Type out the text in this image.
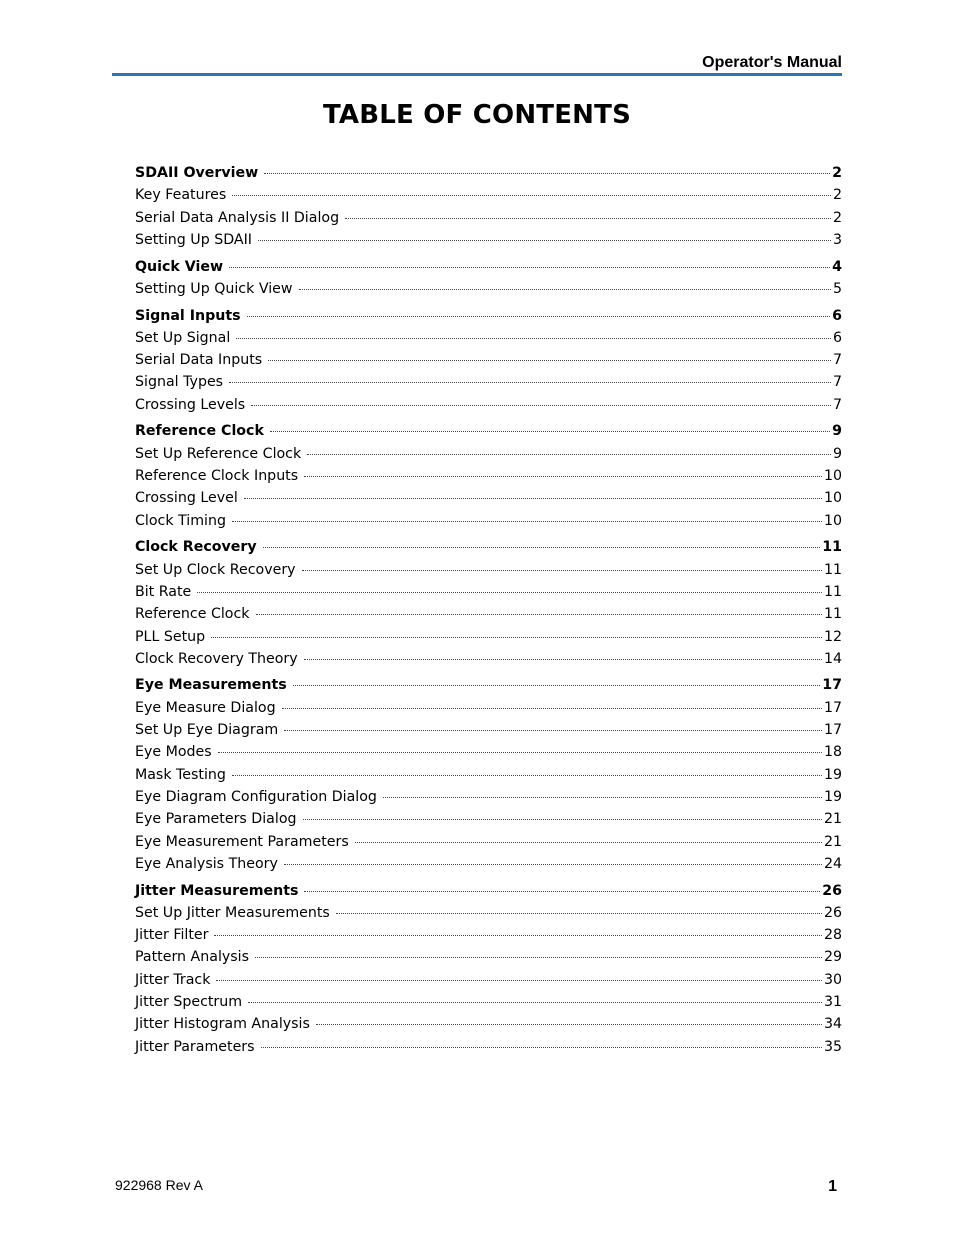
Operator's Manual
TABLE OF CONTENTS
SDAII Overview	2
Key Features	2
Serial Data Analysis II Dialog	2
Setting Up SDAII	3
Quick View	4
Setting Up Quick View	5
Signal Inputs	6
Set Up Signal	6
Serial Data Inputs	7
Signal Types	7
Crossing Levels	7
Reference Clock	9
Set Up Reference Clock	9
Reference Clock Inputs	10
Crossing Level	10
Clock Timing	10
Clock Recovery	11
Set Up Clock Recovery	11
Bit Rate	11
Reference Clock	11
PLL Setup	12
Clock Recovery Theory	14
Eye Measurements	17
Eye Measure Dialog	17
Set Up Eye Diagram	17
Eye Modes	18
Mask Testing	19
Eye Diagram Configuration Dialog	19
Eye Parameters Dialog	21
Eye Measurement Parameters	21
Eye Analysis Theory	24
Jitter Measurements	26
Set Up Jitter Measurements	26
Jitter Filter	28
Pattern Analysis	29
Jitter Track	30
Jitter Spectrum	31
Jitter Histogram Analysis	34
Jitter Parameters	35
922968 Rev A	1
